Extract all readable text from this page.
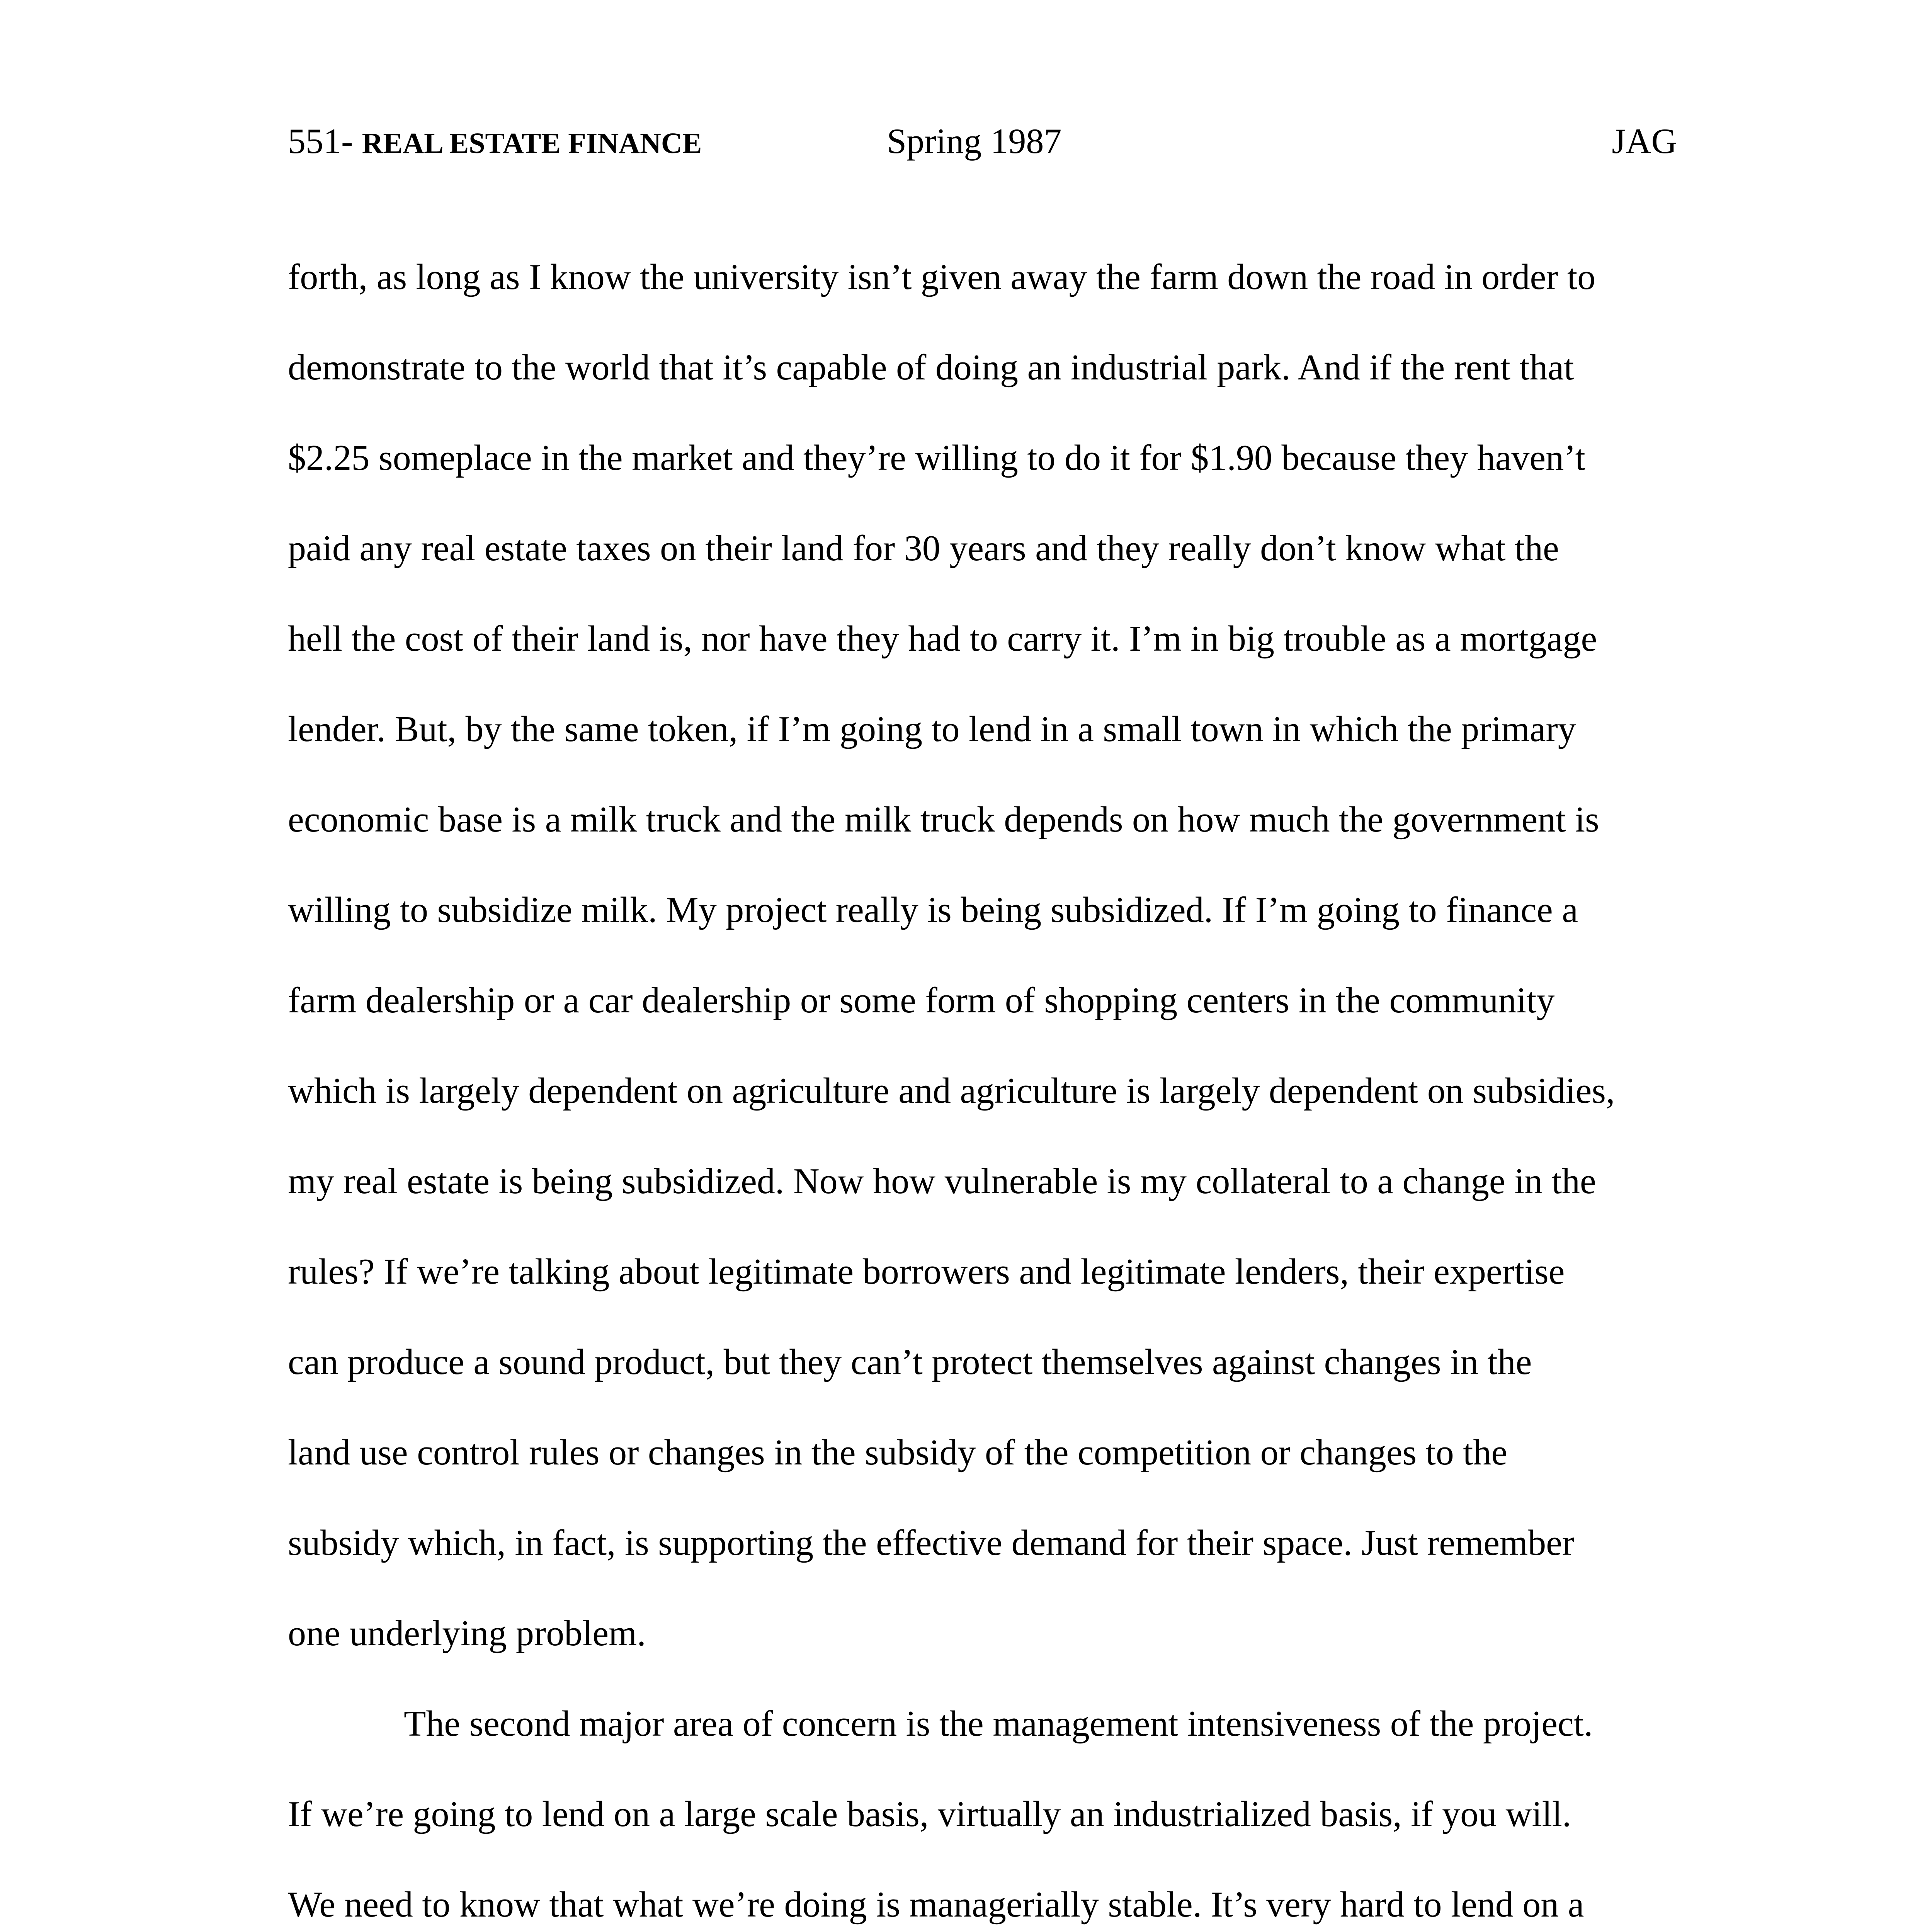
551- REAL ESTATE FINANCE	Spring 1987	JAG
forth, as long as I know the university isn’t given away the farm down the road in order to
demonstrate to the world that it’s capable of doing an industrial park. And if the rent that
$2.25 someplace in the market and they’re willing to do it for $1.90 because they haven’t
paid any real estate taxes on their land for 30 years and they really don’t know what the
hell the cost of their land is, nor have they had to carry it. I’m in big trouble as a mortgage
lender. But, by the same token, if I’m going to lend in a small town in which the primary
economic base is a milk truck and the milk truck depends on how much the government is
willing to subsidize milk. My project really is being subsidized. If I’m going to finance a
farm dealership or a car dealership or some form of shopping centers in the community
which is largely dependent on agriculture and agriculture is largely dependent on subsidies,
my real estate is being subsidized. Now how vulnerable is my collateral to a change in the
rules? If we’re talking about legitimate borrowers and legitimate lenders, their expertise
can produce a sound product, but they can’t protect themselves against changes in the
land use control rules or changes in the subsidy of the competition or changes to the
subsidy which, in fact, is supporting the effective demand for their space. Just remember
one underlying problem.
The second major area of concern is the management intensiveness of the project.
If we’re going to lend on a large scale basis, virtually an industrialized basis, if you will.
We need to know that what we’re doing is managerially stable. It’s very hard to lend on a
